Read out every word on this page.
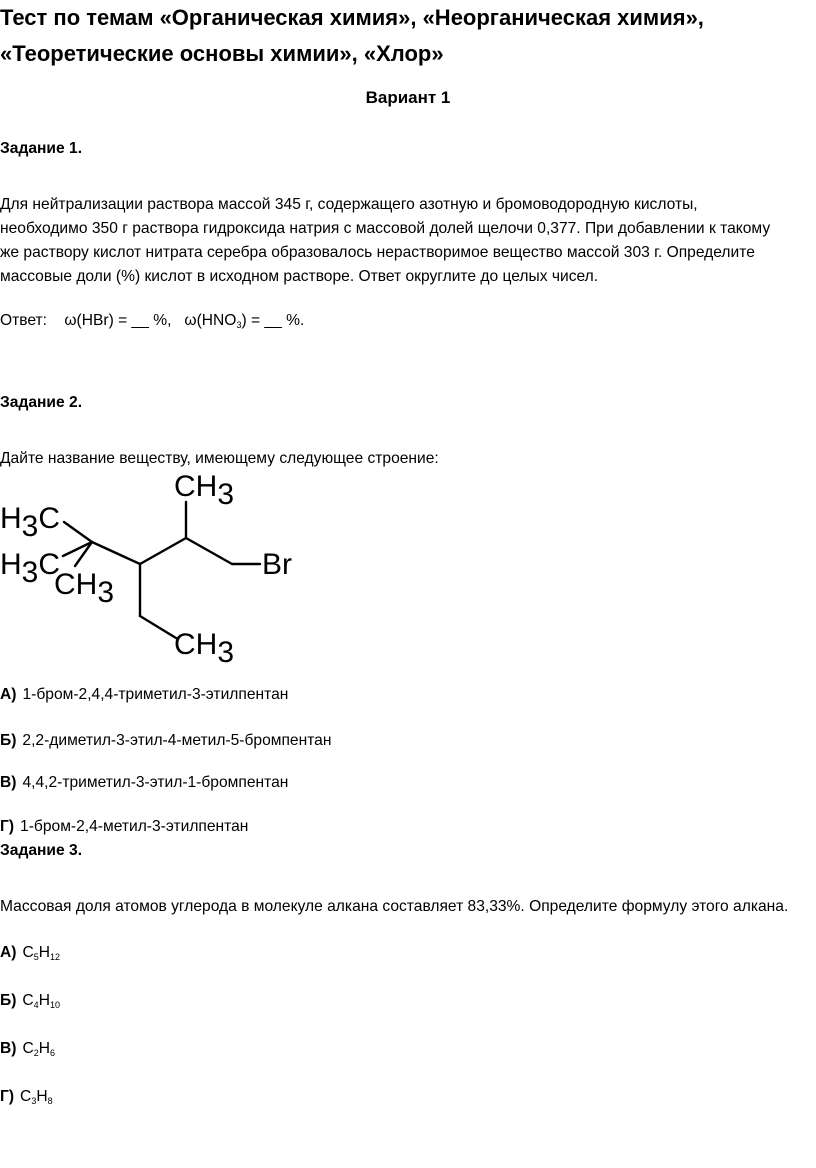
Тест по темам «Органическая химия», «Неорганическая химия»,
«Теоретические основы химии», «Хлор»
Вариант 1
Задание 1.
Для нейтрализации раствора массой 345 г, содержащего азотную и бромоводородную кислоты,
необходимо 350 г раствора гидроксида натрия с массовой долей щелочи 0,377. При добавлении к такому
же раствору кислот нитрата серебра образовалось нерастворимое вещество массой 303 г. Определите
массовые доли (%) кислот в исходном растворе. Ответ округлите до целых чисел.
Ответ: ω(HBr) = __ %, $\omega(HNO_3)$ = __ %.
Задание 2.
Дайте название веществу, имеющему следующее строение:
CH3
H3C
H3C
CH3
Br
CH3
А) 1-бром-2,4,4-триметил-3-этилпентан
Б) 2,2-диметил-3-этил-4-метил-5-бромпентан
В) 4,4,2-триметил-3-этил-1-бромпентан
Г) 1-бром-2,4-метил-3-этилпентан
Задание 3.
Массовая доля атомов углерода в молекуле алкана составляет 83,33%. Определите формулу этого алкана.
А) $C_5H_{12}$
Б) $C_4H_{10}$
В) $C_2H_6$
Г) $C_3H_8$
